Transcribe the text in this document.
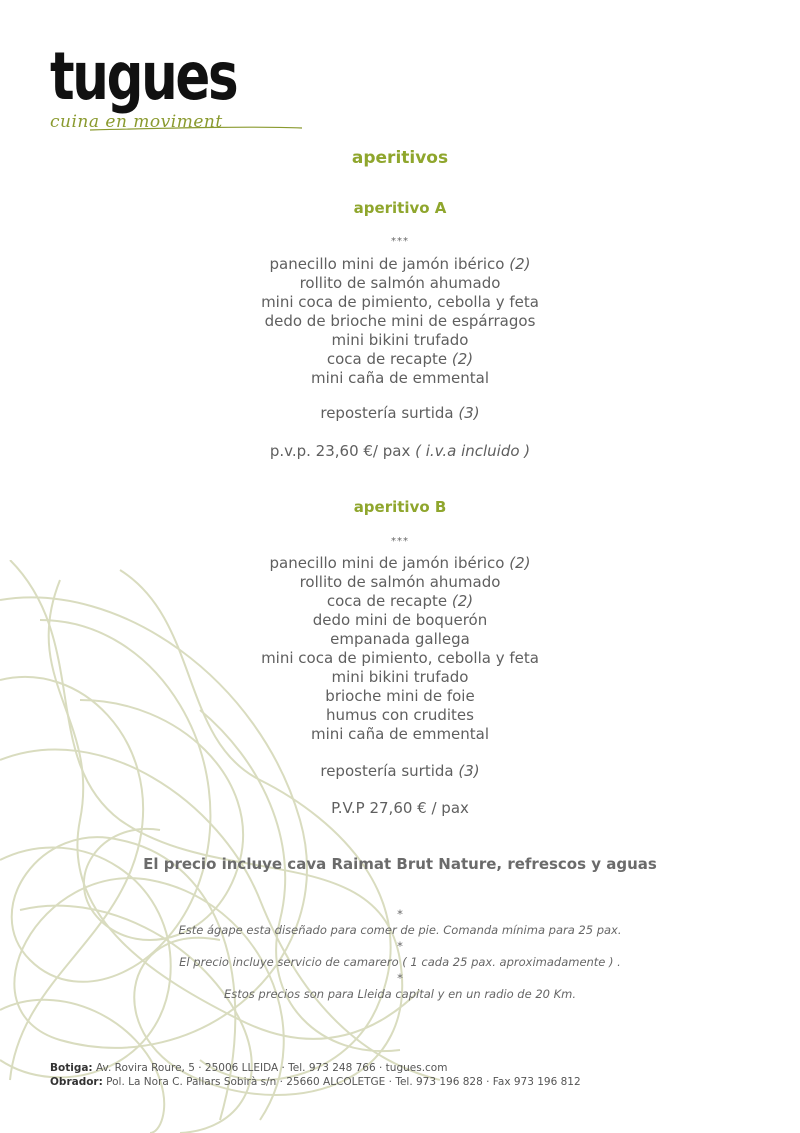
tugues
cuina en moviment
aperitivos
aperitivo A
***
panecillo mini de jamón ibérico (2)
rollito de salmón ahumado
mini coca de pimiento, cebolla y feta
dedo de brioche mini de espárragos
mini bikini trufado
coca de recapte (2)
mini caña de emmental
repostería surtida (3)
p.v.p. 23,60 €/ pax ( i.v.a incluido )
aperitivo B
***
panecillo mini de jamón ibérico (2)
rollito de salmón ahumado
coca de recapte (2)
dedo mini de boquerón
empanada gallega
mini coca de pimiento, cebolla y feta
mini bikini trufado
brioche mini de foie
humus con crudites
mini caña de emmental
repostería surtida (3)
P.V.P 27,60 € / pax
El precio incluye cava Raimat Brut Nature, refrescos y aguas
*
Este ágape esta diseñado para comer de pie. Comanda mínima para 25 pax.
*
El precio incluye servicio de camarero ( 1 cada 25 pax. aproximadamente ) .
*
Estos precios son para Lleida capital y en un radio de 20 Km.
Botiga: Av. Rovira Roure, 5 · 25006 LLEIDA · Tel. 973 248 766 · tugues.com
Obrador: Pol. La Nora C. Pallars Sobirà s/n · 25660 ALCOLETGE · Tel. 973 196 828 · Fax 973 196 812
